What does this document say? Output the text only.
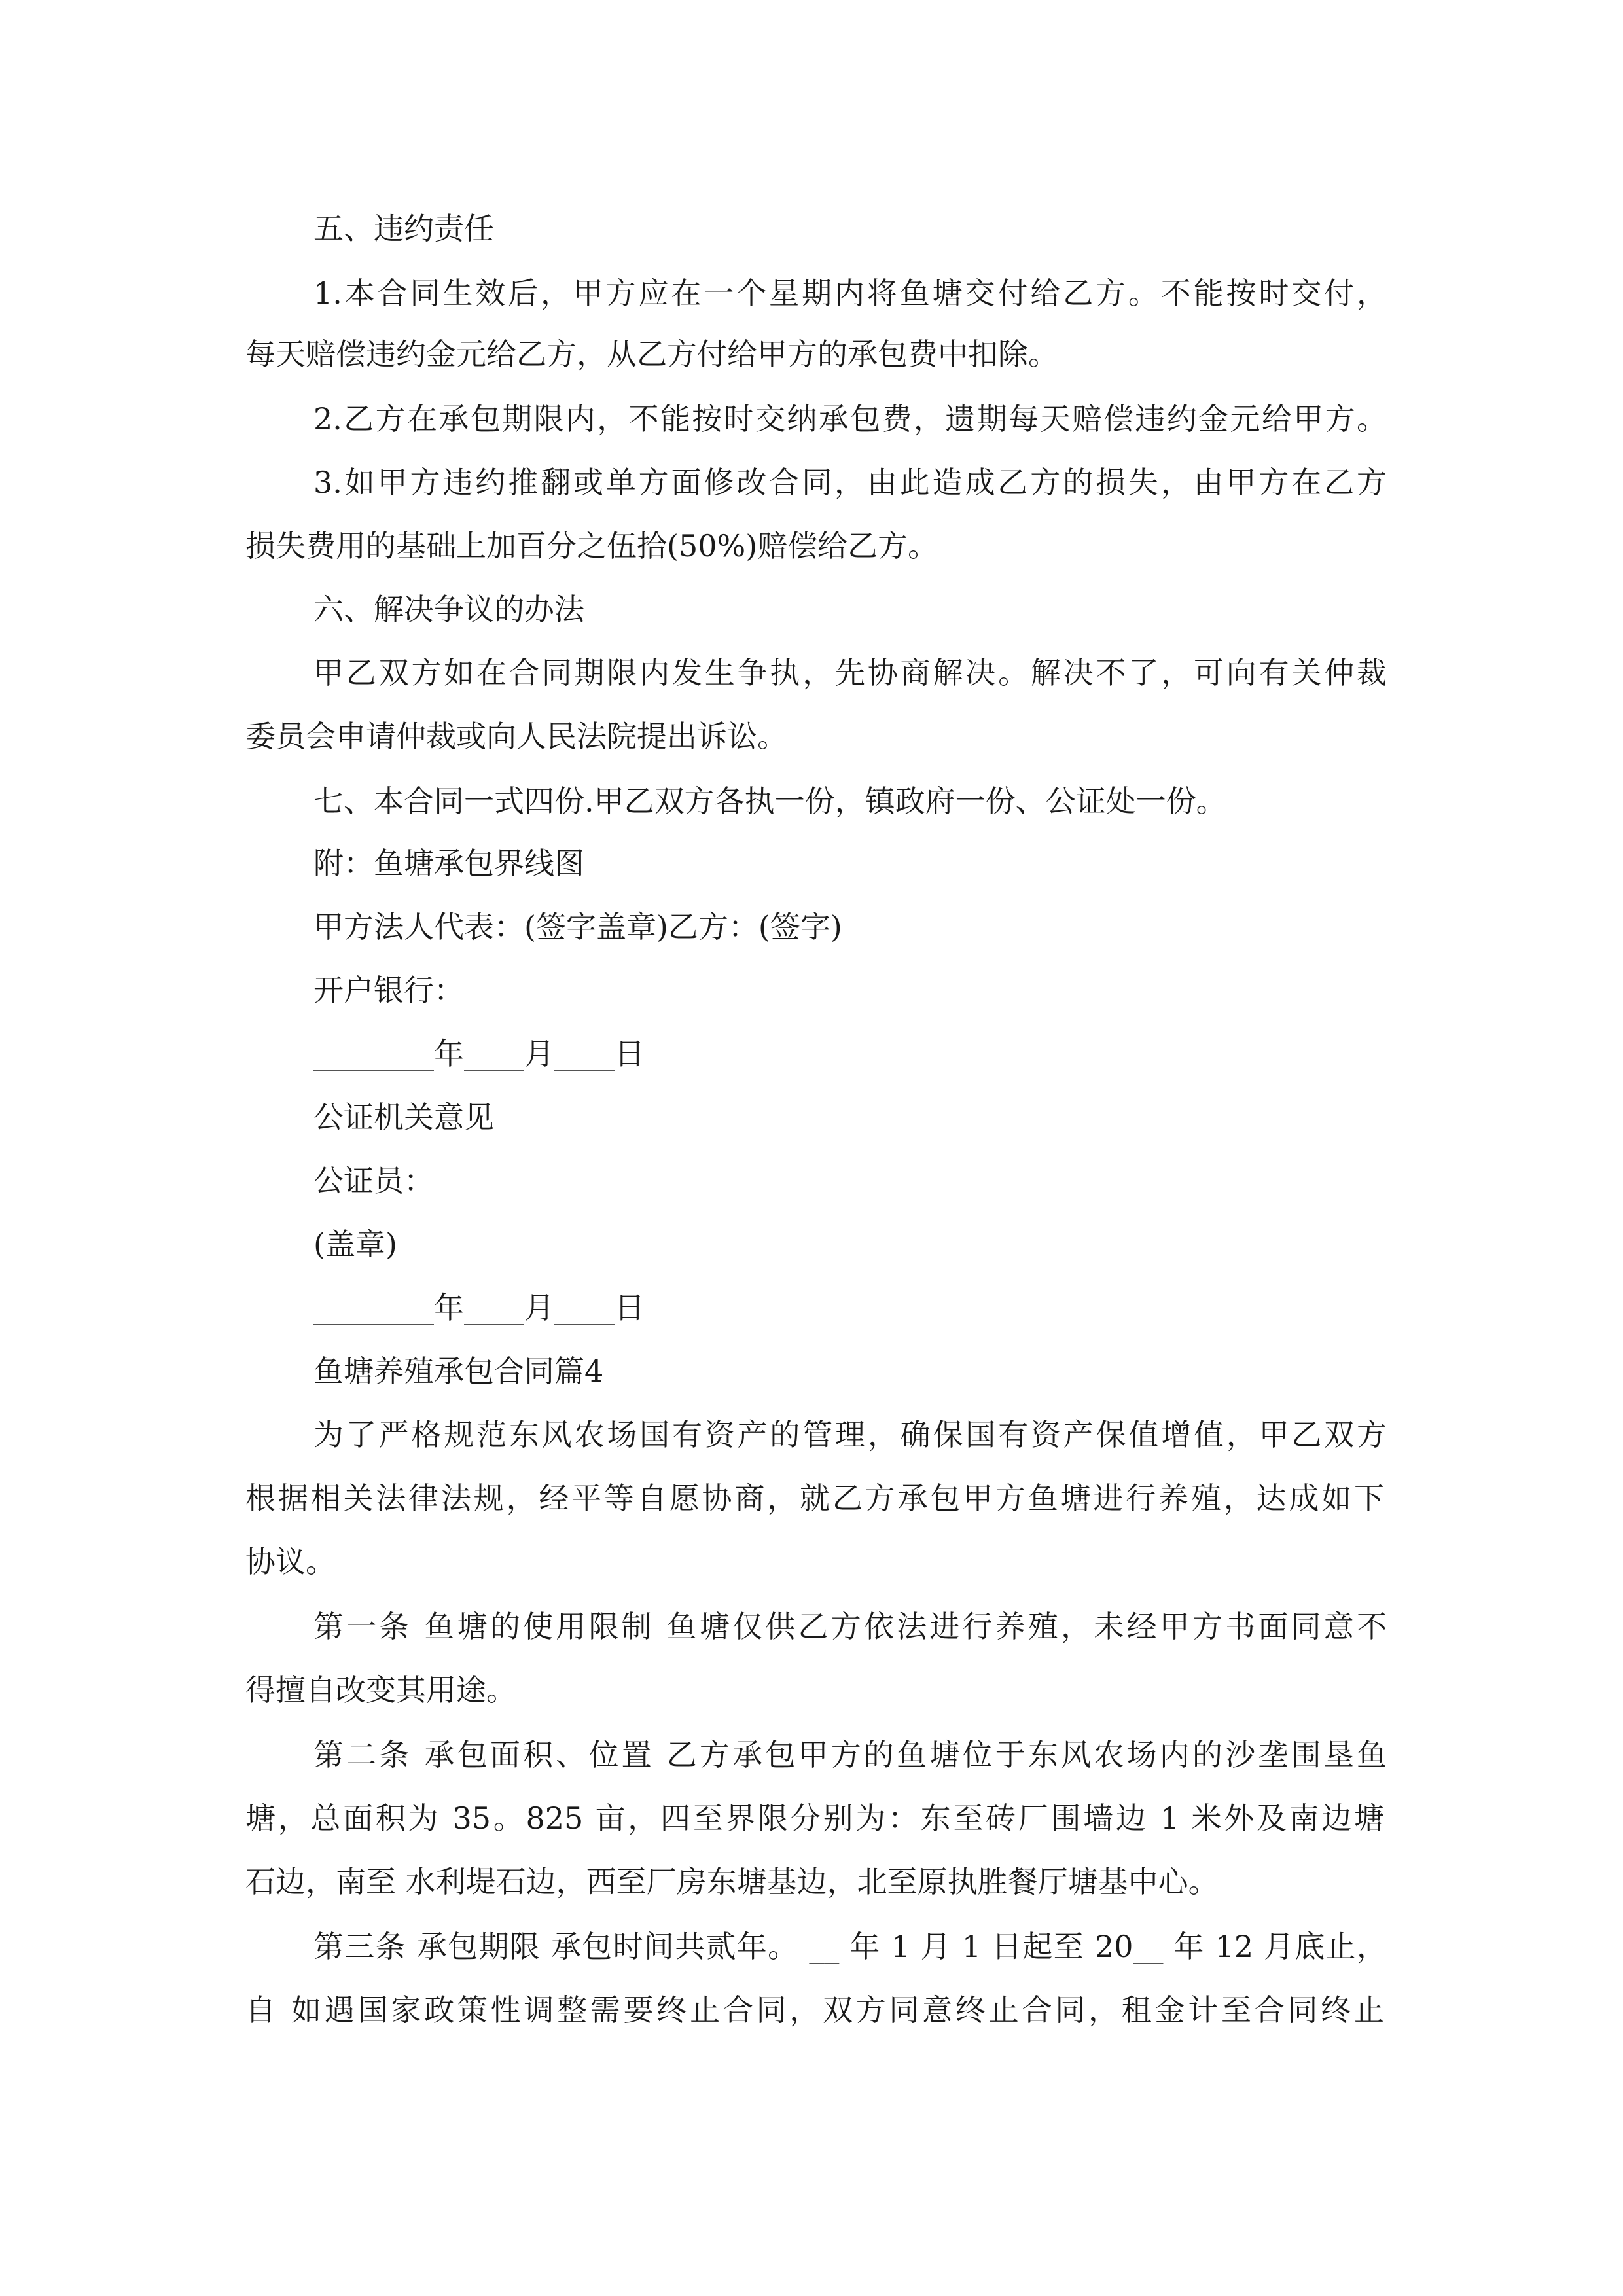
五、违约责任

1.本合同生效后，甲方应在一个星期内将鱼塘交付给乙方。不能按时交付，

每天赔偿违约金元给乙方，从乙方付给甲方的承包费中扣除。

2.乙方在承包期限内，不能按时交纳承包费，遗期每天赔偿违约金元给甲方。

3.如甲方违约推翻或单方面修改合同，由此造成乙方的损失，由甲方在乙方

损失费用的基础上加百分之伍拾(50%)赔偿给乙方。

六、解决争议的办法

甲乙双方如在合同期限内发生争执，先协商解决。解决不了，可向有关仲裁

委员会申请仲裁或向人民法院提出诉讼。

七、本合同一式四份.甲乙双方各执一份，镇政府一份、公证处一份。

附：鱼塘承包界线图

甲方法人代表：(签字盖章)乙方：(签字)

开户银行：

________年____月____日

公证机关意见

公证员：

(盖章)

________年____月____日

鱼塘养殖承包合同篇4

为了严格规范东风农场国有资产的管理，确保国有资产保值增值，甲乙双方

根据相关法律法规，经平等自愿协商，就乙方承包甲方鱼塘进行养殖，达成如下

协议。

第一条 鱼塘的使用限制 鱼塘仅供乙方依法进行养殖，未经甲方书面同意不

得擅自改变其用途。

第二条 承包面积、位置 乙方承包甲方的鱼塘位于东风农场内的沙垄围垦鱼

塘，总面积为 35。825 亩，四至界限分别为：东至砖厂围墙边 1 米外及南边塘

石边，南至 水利堤石边，西至厂房东塘基边，北至原执胜餐厅塘基中心。

第三条 承包期限 承包时间共贰年。 __ 年 1 月 1 日起至 20__ 年 12 月底止，

自 如遇国家政策性调整需要终止合同，双方同意终止合同，租金计至合同终止
